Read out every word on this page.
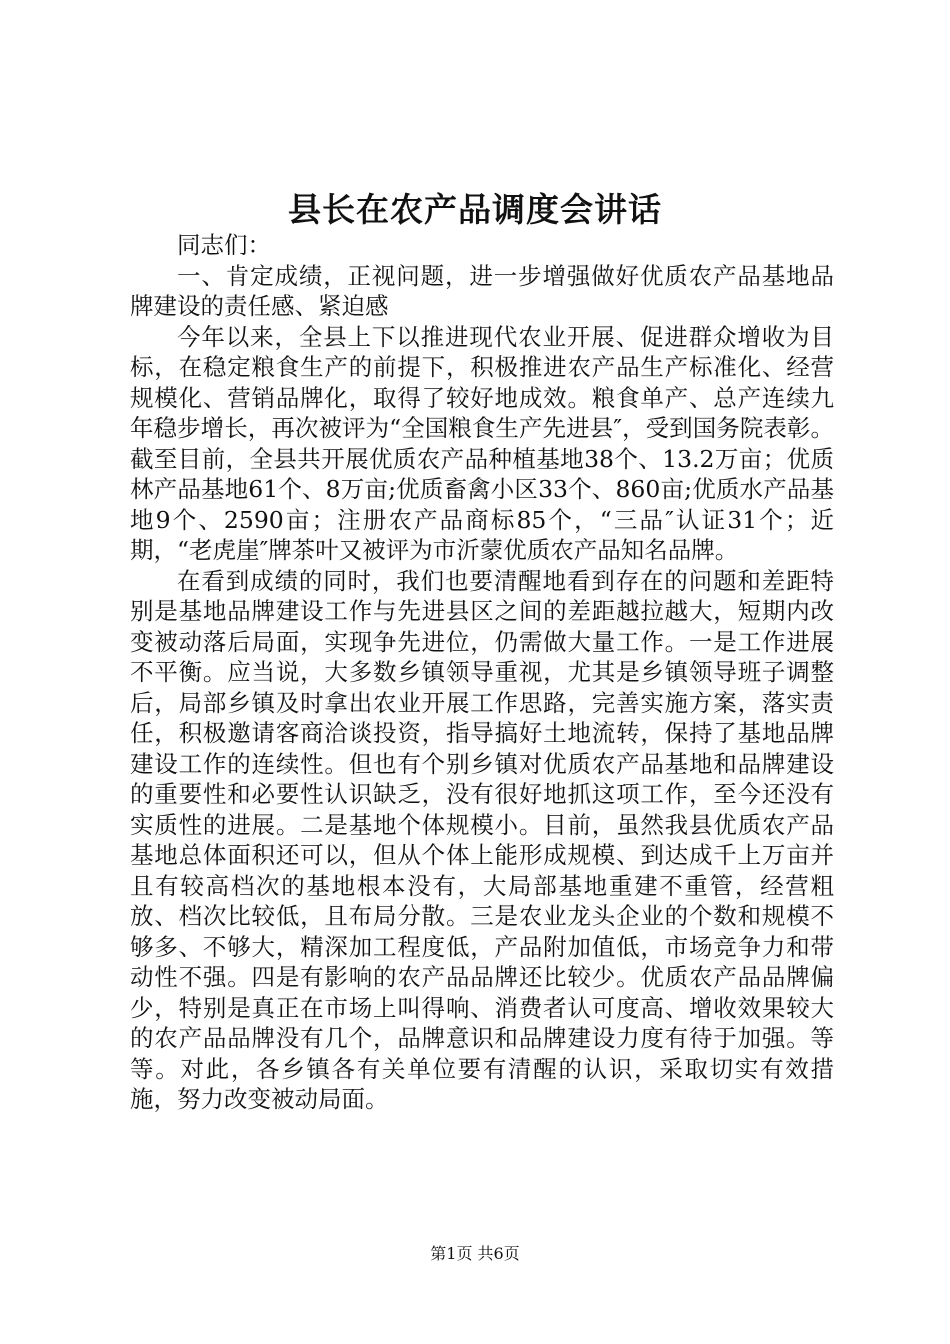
县长在农产品调度会讲话

同志们：

一、肯定成绩，正视问题，进一步增强做好优质农产品基地品牌建设的责任感、紧迫感

今年以来，全县上下以推进现代农业开展、促进群众增收为目标，在稳定粮食生产的前提下，积极推进农产品生产标准化、经营规模化、营销品牌化，取得了较好地成效。粮食单产、总产连续九年稳步增长，再次被评为“全国粮食生产先进县″，受到国务院表彰。截至目前，全县共开展优质农产品种植基地38个、13.2万亩；优质林产品基地61个、8万亩;优质畜禽小区33个、860亩;优质水产品基地9个、2590亩；注册农产品商标85个，“三品″认证31个；近期，“老虎崖″牌茶叶又被评为市沂蒙优质农产品知名品牌。

在看到成绩的同时，我们也要清醒地看到存在的问题和差距特别是基地品牌建设工作与先进县区之间的差距越拉越大，短期内改变被动落后局面，实现争先进位，仍需做大量工作。一是工作进展不平衡。应当说，大多数乡镇领导重视，尤其是乡镇领导班子调整后，局部乡镇及时拿出农业开展工作思路，完善实施方案，落实责任，积极邀请客商洽谈投资，指导搞好土地流转，保持了基地品牌建设工作的连续性。但也有个别乡镇对优质农产品基地和品牌建设的重要性和必要性认识缺乏，没有很好地抓这项工作，至今还没有实质性的进展。二是基地个体规模小。目前，虽然我县优质农产品基地总体面积还可以，但从个体上能形成规模、到达成千上万亩并且有较高档次的基地根本没有，大局部基地重建不重管，经营粗放、档次比较低，且布局分散。三是农业龙头企业的个数和规模不够多、不够大，精深加工程度低，产品附加值低，市场竞争力和带动性不强。四是有影响的农产品品牌还比较少。优质农产品品牌偏少，特别是真正在市场上叫得响、消费者认可度高、增收效果较大的农产品品牌没有几个，品牌意识和品牌建设力度有待于加强。等等。对此，各乡镇各有关单位要有清醒的认识，采取切实有效措施，努力改变被动局面。

第1页 共6页
